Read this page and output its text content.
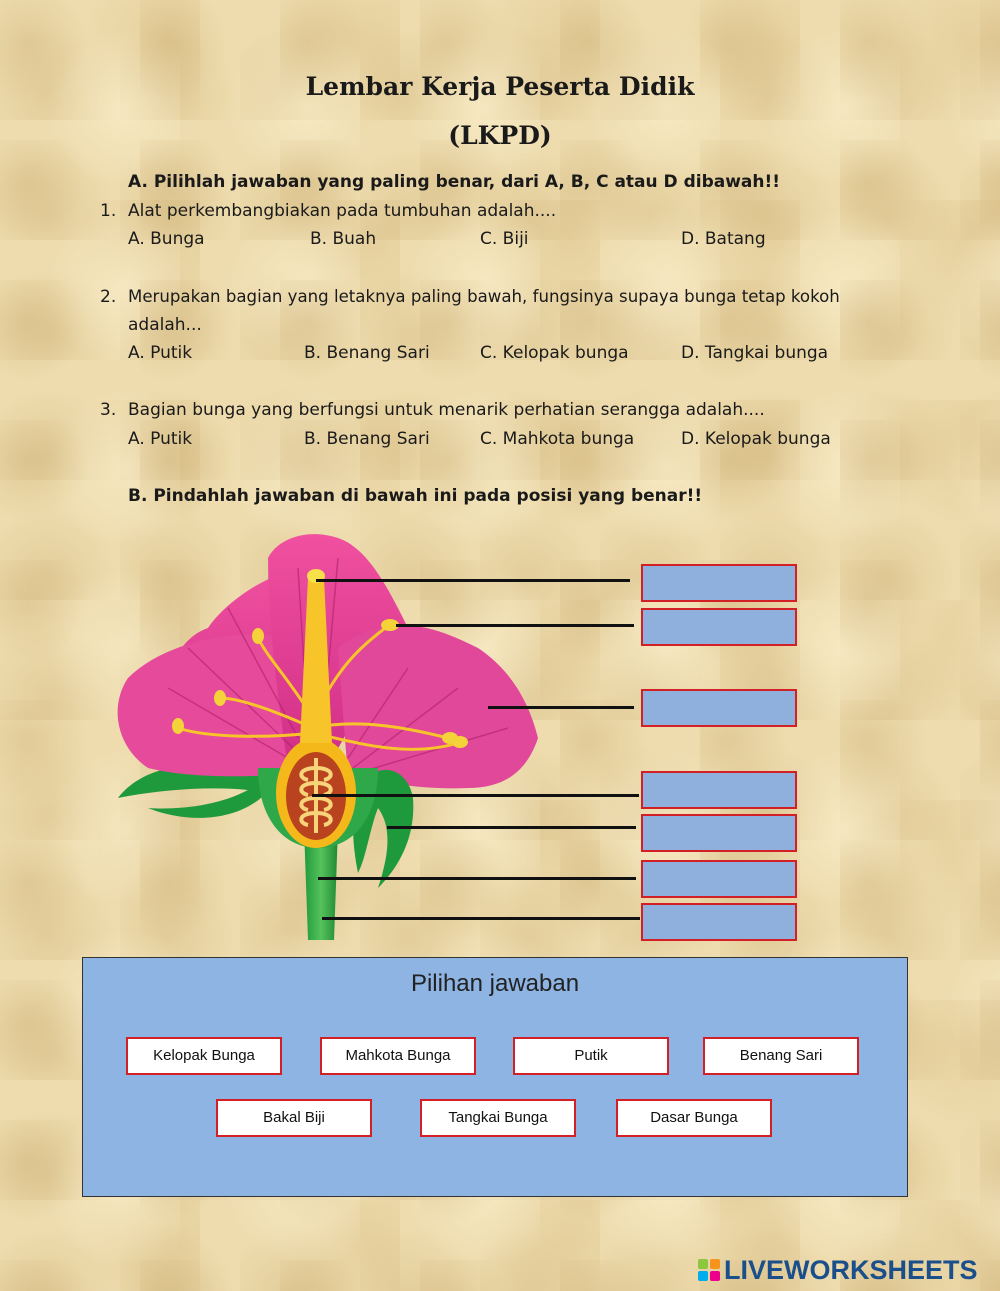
Lembar Kerja Peserta Didik
(LKPD)
A. Pilihlah jawaban yang paling benar, dari A, B, C atau D dibawah!!
1. Alat perkembangbiakan pada tumbuhan adalah....
A. Bunga	B. Buah	C. Biji	D. Batang
2. Merupakan bagian yang letaknya paling bawah, fungsinya supaya bunga tetap kokoh
adalah...
A. Putik	B. Benang Sari	C. Kelopak bunga	D. Tangkai bunga
3. Bagian bunga yang berfungsi untuk menarik perhatian serangga adalah....
A. Putik	B. Benang Sari	C. Mahkota bunga	D. Kelopak bunga
B. Pindahlah jawaban di bawah ini pada posisi yang benar!!
Pilihan jawaban
Kelopak Bunga	Mahkota Bunga	Putik	Benang Sari
Bakal Biji	Tangkai Bunga	Dasar Bunga
LIVEWORKSHEETS
